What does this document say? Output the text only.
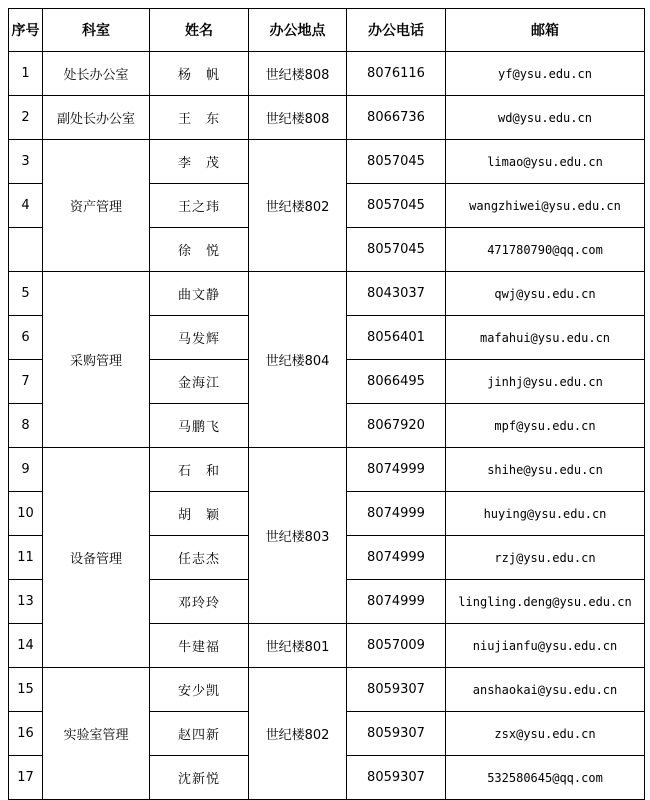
序号	科室	姓名	办公地点	办公电话	邮箱
1	处长办公室	杨　帆	世纪楼808	8076116	yf@ysu.edu.cn
2	副处长办公室	王　东	世纪楼808	8066736	wd@ysu.edu.cn
3	资产管理	李　茂	世纪楼802	8057045	limao@ysu.edu.cn
4		王之玮		8057045	wangzhiwei@ysu.edu.cn
		徐　悦		8057045	471780790@qq.com
5	采购管理	曲文静	世纪楼804	8043037	qwj@ysu.edu.cn
6		马发辉		8056401	mafahui@ysu.edu.cn
7		金海江		8066495	jinhj@ysu.edu.cn
8		马鹏飞		8067920	mpf@ysu.edu.cn
9	设备管理	石　和	世纪楼803	8074999	shihe@ysu.edu.cn
10		胡　颖		8074999	huying@ysu.edu.cn
11		任志杰		8074999	rzj@ysu.edu.cn
13		邓玲玲		8074999	lingling.deng@ysu.edu.cn
14		牛建福	世纪楼801	8057009	niujianfu@ysu.edu.cn
15	实验室管理	安少凯	世纪楼802	8059307	anshaokai@ysu.edu.cn
16		赵四新		8059307	zsx@ysu.edu.cn
17		沈新悦		8059307	532580645@qq.com
